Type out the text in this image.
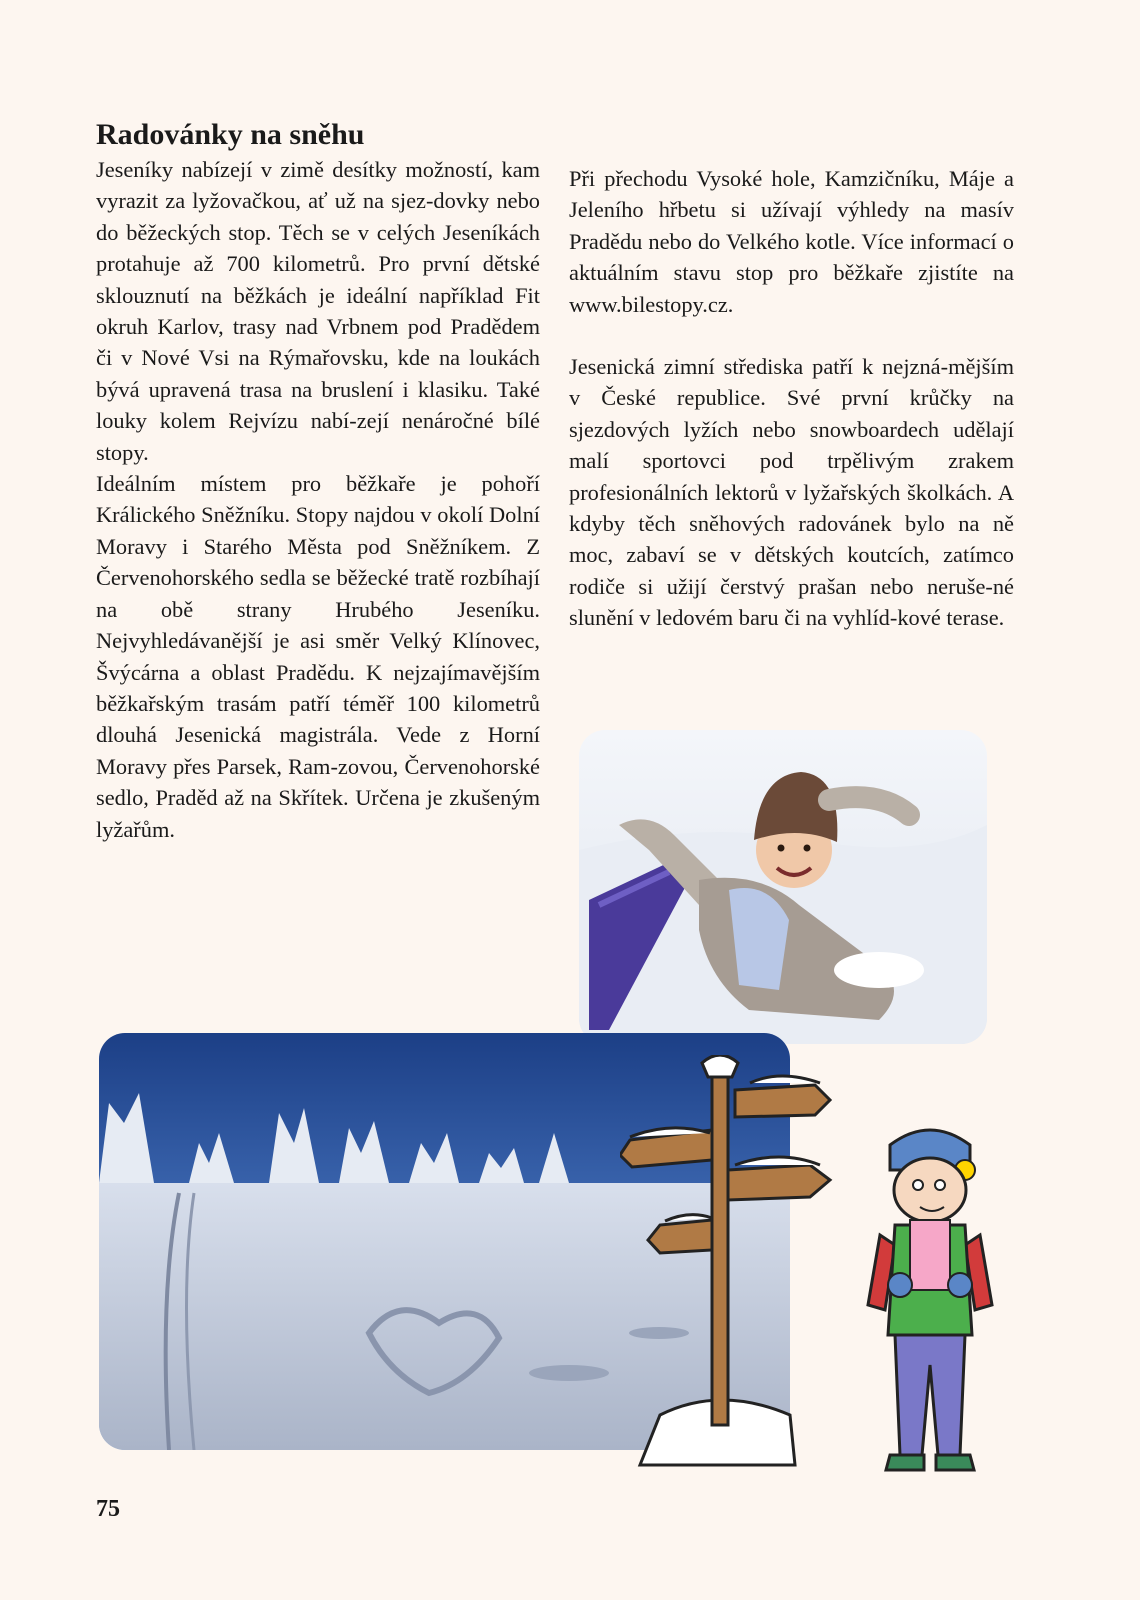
Radovánky na sněhu

Jeseníky nabízejí v zimě desítky možností, kam vyrazit za lyžovačkou, ať už na sjez-dovky nebo do běžeckých stop. Těch se v celých Jeseníkách protahuje až 700 kilometrů. Pro první dětské sklouznutí na běžkách je ideální například Fit okruh Karlov, trasy nad Vrbnem pod Pradědem či v Nové Vsi na Rýmařovsku, kde na loukách bývá upravená trasa na bruslení i klasiku. Také louky kolem Rejvízu nabí-zejí nenáročné bílé stopy.

Ideálním místem pro běžkaře je pohoří Králického Sněžníku. Stopy najdou v okolí Dolní Moravy i Starého Města pod Sněžníkem. Z Červenohorského sedla se běžecké tratě rozbíhají na obě strany Hrubého Jeseníku. Nejvyhledávanější je asi směr Velký Klínovec, Švýcárna a oblast Pradědu. K nejzajímavějším běžkařským trasám patří téměř 100 kilometrů dlouhá Jesenická magistrála. Vede z Horní Moravy přes Parsek, Ram-zovou, Červenohorské sedlo, Praděd až na Skřítek. Určena je zkušeným lyžařům.

Při přechodu Vysoké hole, Kamzičníku, Máje a Jeleního hřbetu si užívají výhledy na masív Pradědu nebo do Velkého kotle. Více informací o aktuálním stavu stop pro běžkaře zjistíte na www.bilestopy.cz.

Jesenická zimní střediska patří k nejzná-mějším v České republice. Své první krůčky na sjezdových lyžích nebo snowboardech udělají malí sportovci pod trpělivým zrakem profesionálních lektorů v lyžařských školkách. A kdyby těch sněhových radovánek bylo na ně moc, zabaví se v dětských koutcích, zatímco rodiče si užijí čerstvý prašan nebo neruše-né slunění v ledovém baru či na vyhlíd-kové terase.

75
